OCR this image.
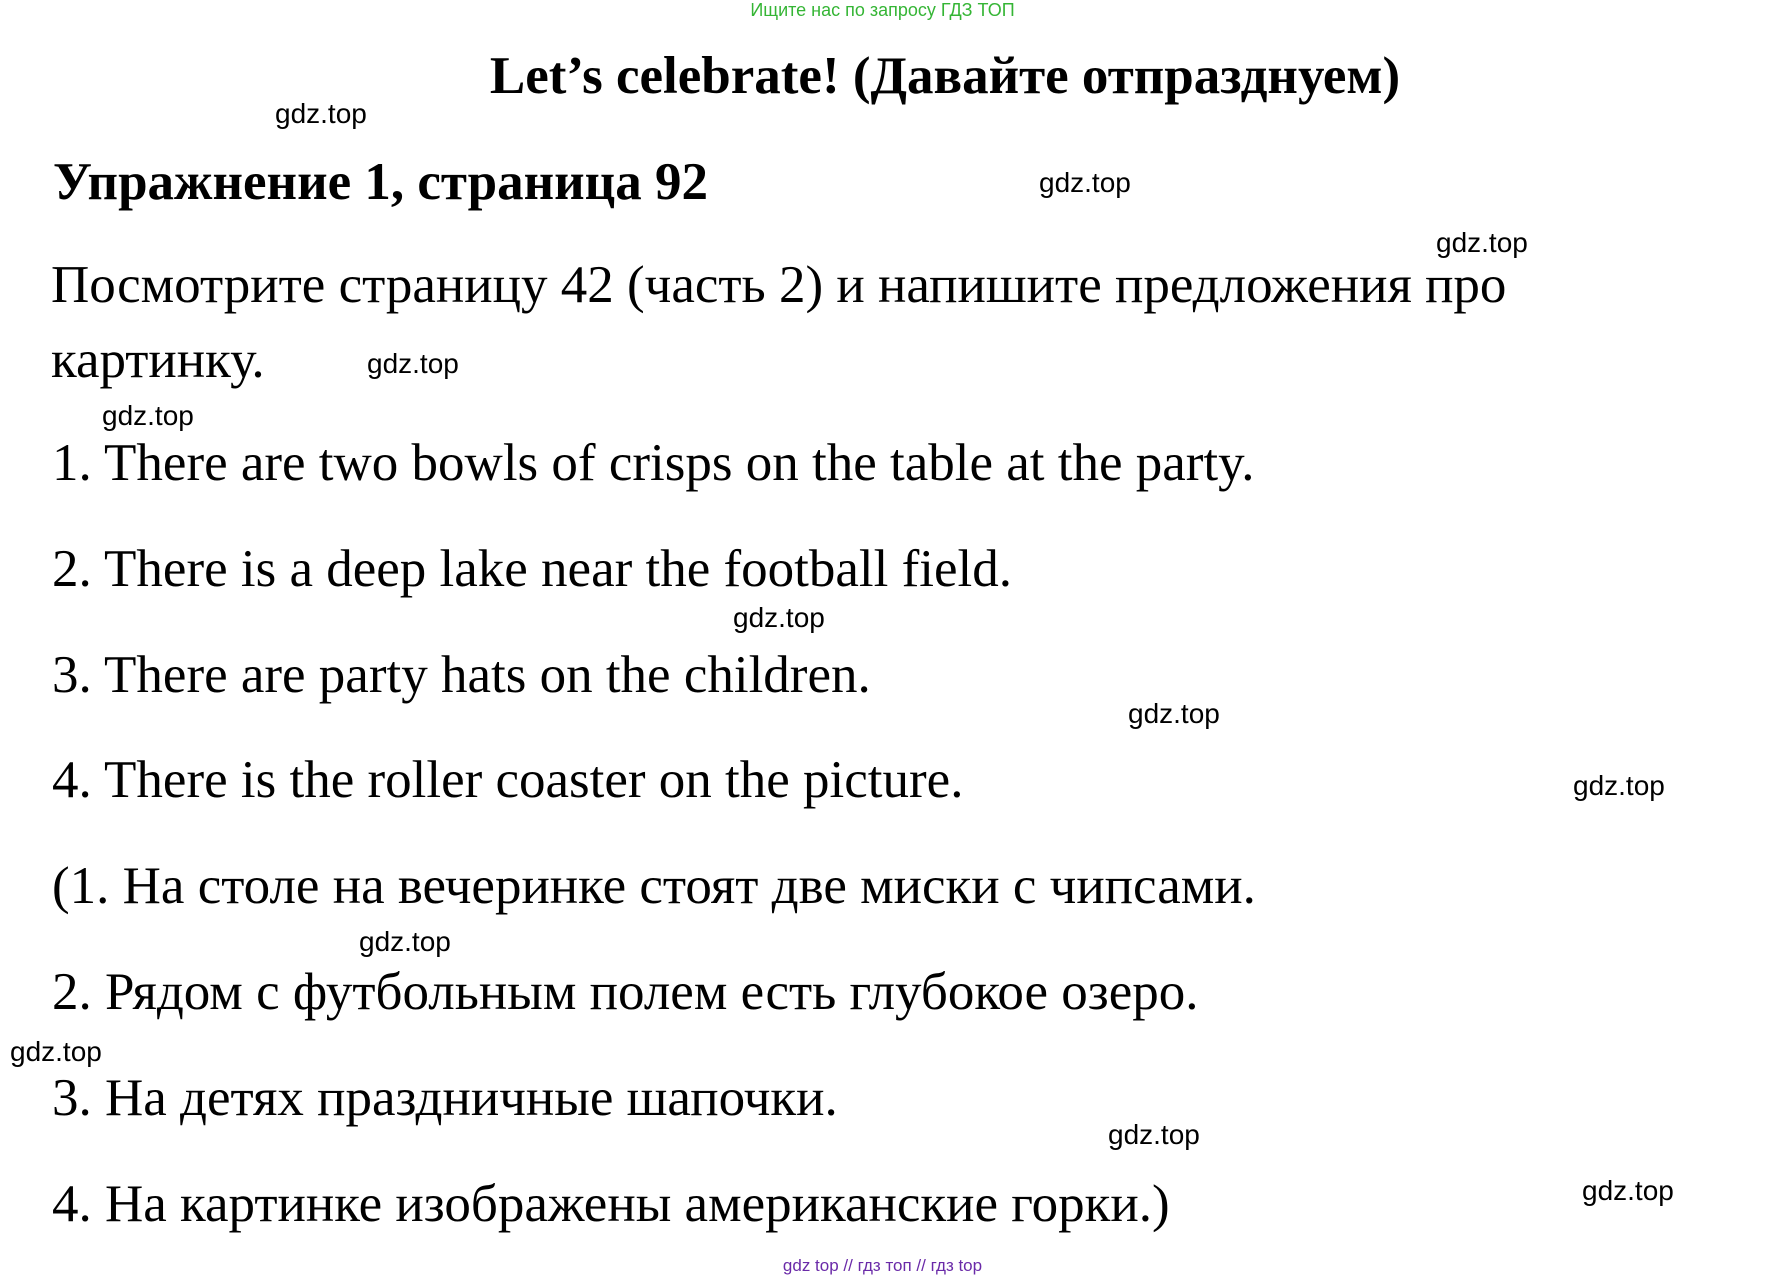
Ищите нас по запросу ГДЗ ТОП
Let’s celebrate! (Давайте отпразднуем)
Упражнение 1, страница 92
Посмотрите страницу 42 (часть 2) и напишите предложения про
картинку.
1. There are two bowls of crisps on the table at the party.
2. There is a deep lake near the football field.
3. There are party hats on the children.
4. There is the roller coaster on the picture.
(1. На столе на вечеринке стоят две миски с чипсами.
2. Рядом с футбольным полем есть глубокое озеро.
3. На детях праздничные шапочки.
4. На картинке изображены американские горки.)
gdz.top
gdz.top
gdz.top
gdz.top
gdz.top
gdz.top
gdz.top
gdz.top
gdz.top
gdz.top
gdz.top
gdz.top
gdz top // гдз топ // гдз top
